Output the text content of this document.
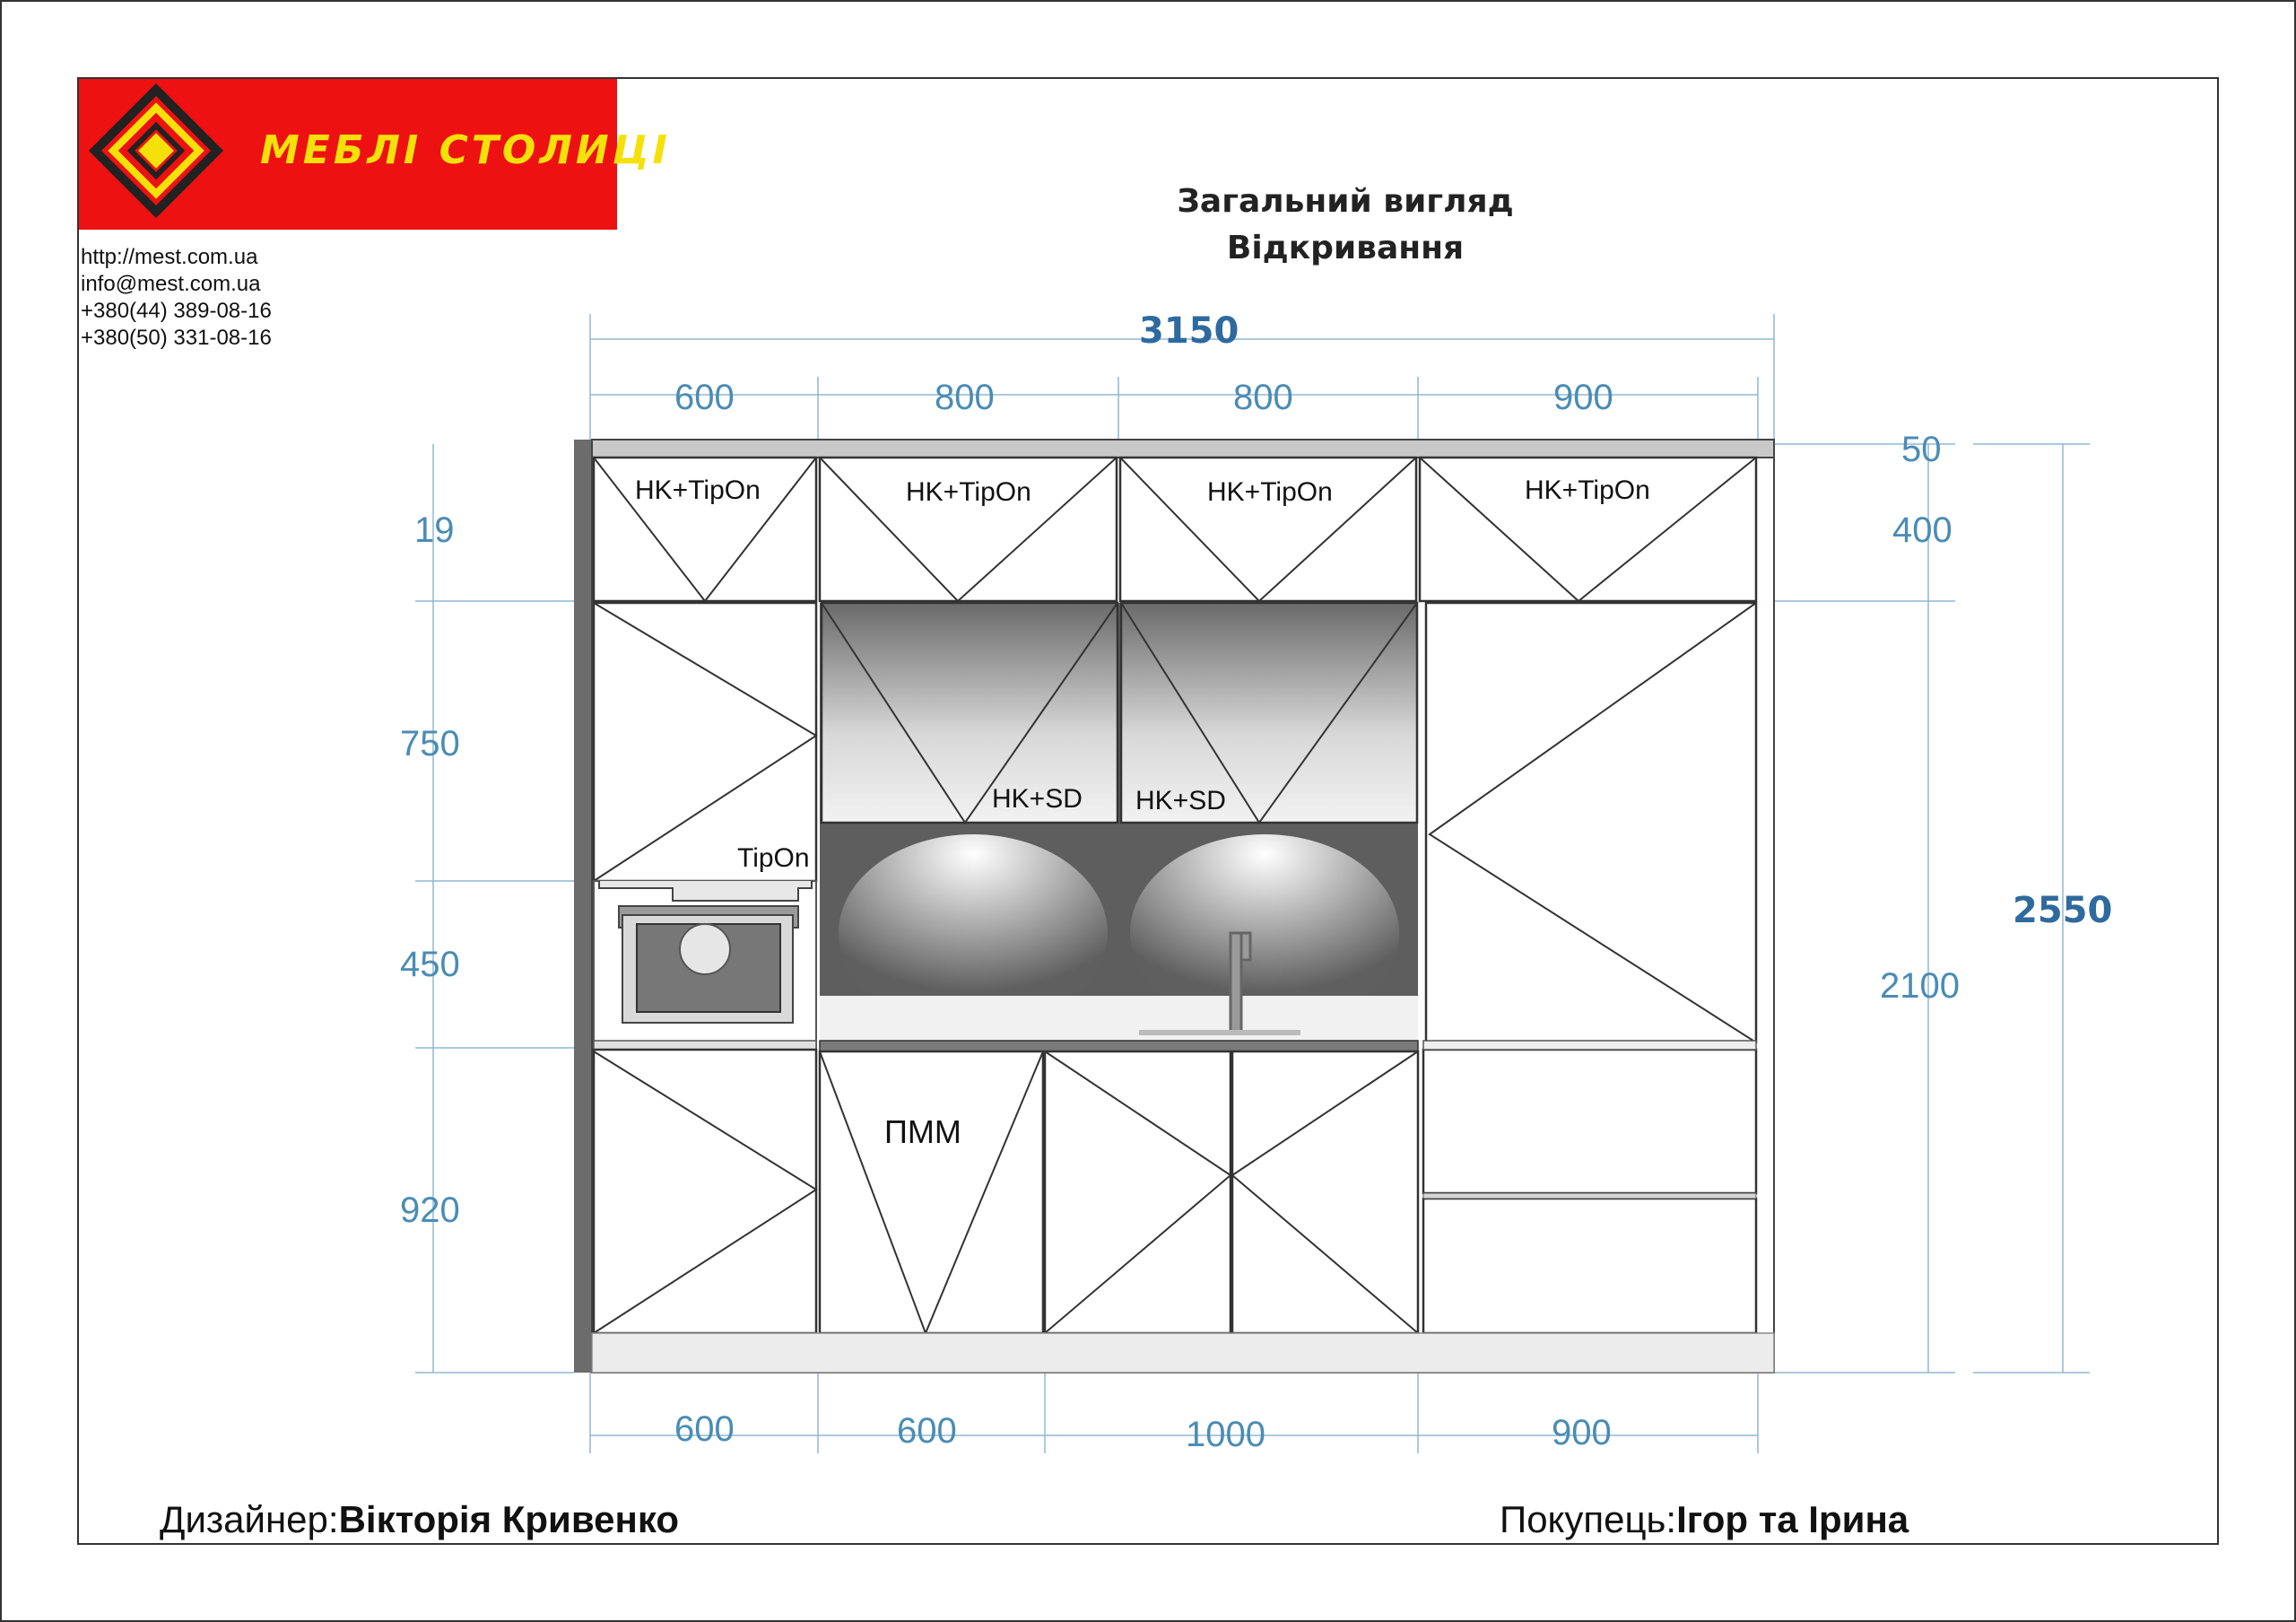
МЕБЛІ СТОЛИЦІ
http://mest.com.ua
info@mest.com.ua
+380(44) 389-08-16
+380(50) 331-08-16
Загальний вигляд
Відкривання
3150
600	800	800	900
600	600	1000	900
19
750
450
920
50
400
2100
2550
HK+TipOn	HK+TipOn	HK+TipOn	HK+TipOn
HK+SD HK+SD
TipOn
ПММ
Дизайнер:Вікторія Кривенко	Покупець:Ігор та Ірина
